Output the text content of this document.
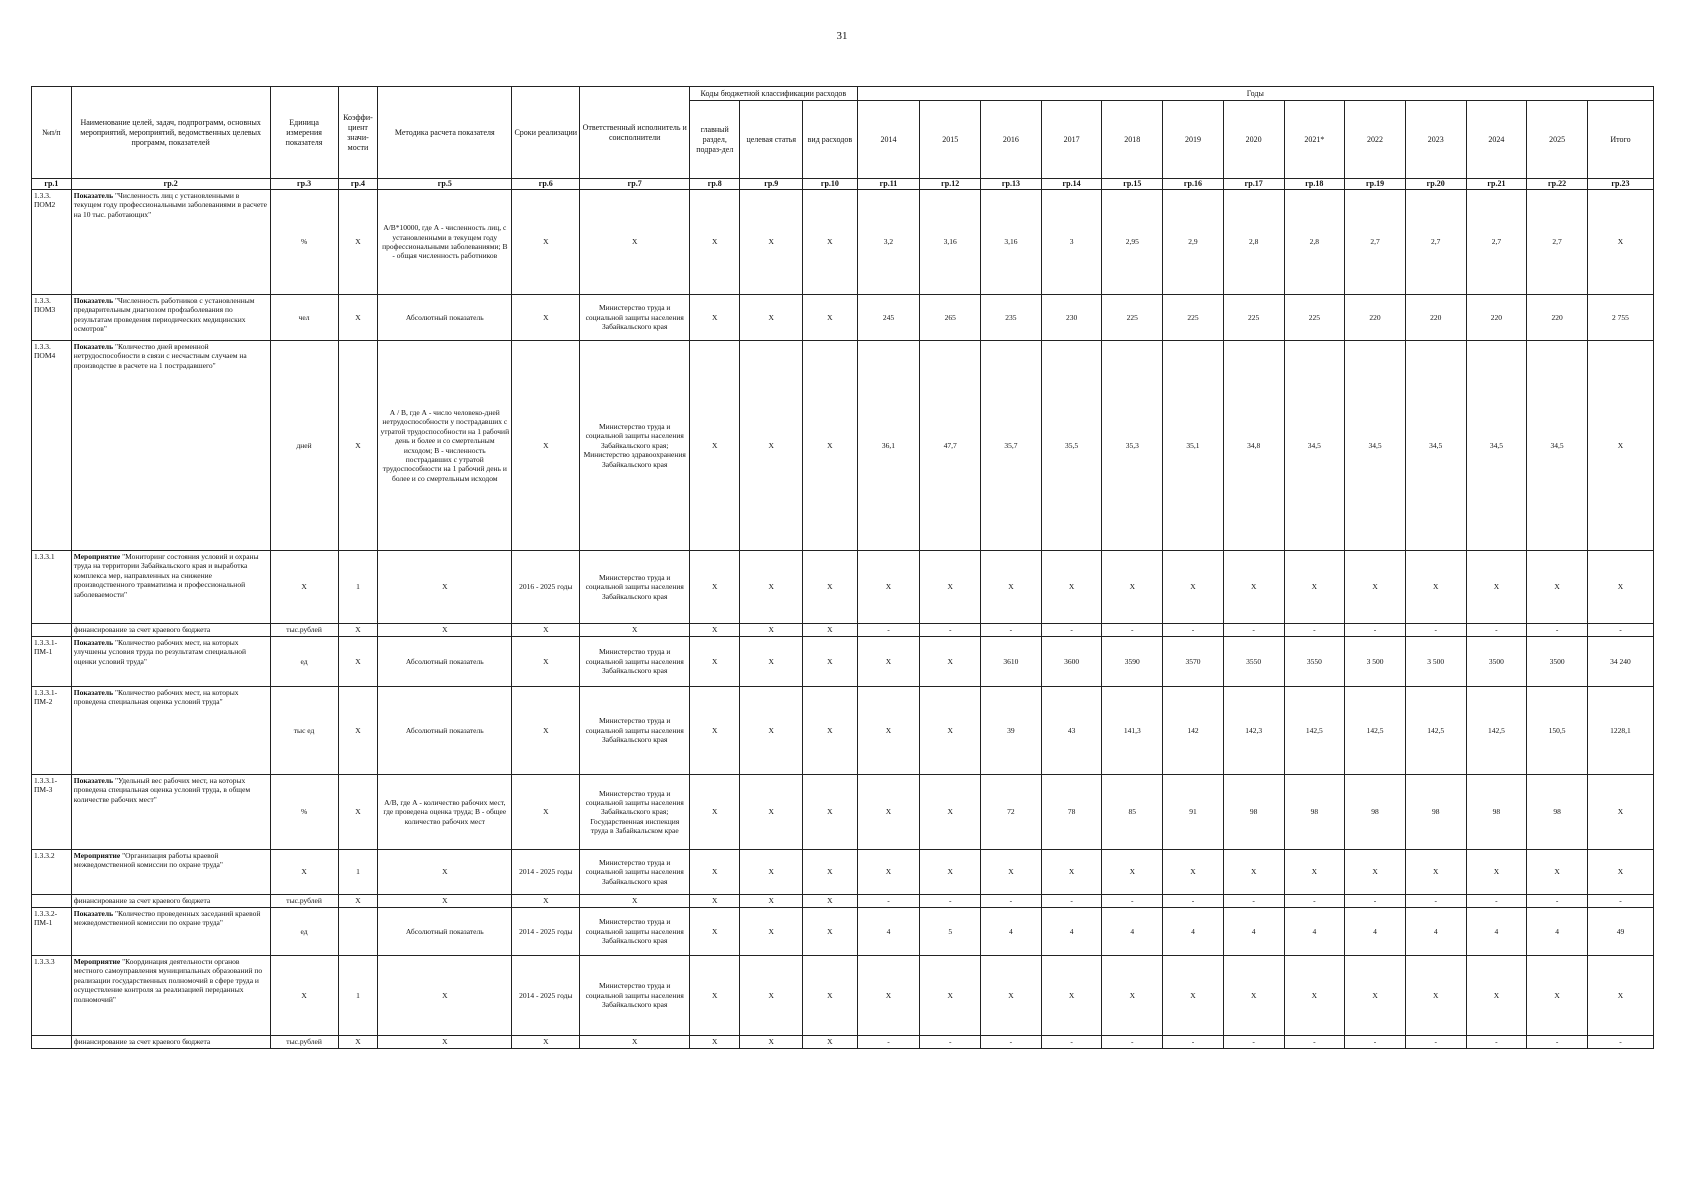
31
№п/п	Наименование целей, задач, подпрограмм, основных мероприятий, мероприятий, ведомственных целевых программ, показателей	Единица измерения показателя	Коэффи-циент значи-мости	Методика расчета показателя	Сроки реализации	Ответственный исполнитель и соисполнители	Коды бюджетной классификации расходов			Годы												
							главный раздел, подраз-дел	целевая статья	вид расходов	2014	2015	2016	2017	2018	2019	2020	2021*	2022	2023	2024	2025	Итого
гр.1	гр.2	гр.3	гр.4	гр.5	гр.6	гр.7	гр.8	гр.9	гр.10	гр.11	гр.12	гр.13	гр.14	гр.15	гр.16	гр.17	гр.18	гр.19	гр.20	гр.21	гр.22	гр.23
1.3.3. ПОМ2	Показатель "Численность лиц с установленными в текущем году профессиональными заболеваниями в расчете на 10 тыс. работающих"	%	X	А/В*10000, где А - численность лиц, с установленными в текущем году профессиональными заболеваниями; В - общая численность работников	X	X	X	X	X	3,2	3,16	3,16	3	2,95	2,9	2,8	2,8	2,7	2,7	2,7	2,7	X
1.3.3. ПОМ3	Показатель "Численность работников с установленным предварительным диагнозом профзаболевания по результатам проведения периодических медицинских осмотров"	чел	X	Абсолютный показатель	X	Министерство труда и социальной защиты населения Забайкальского края	X	X	X	245	265	235	230	225	225	225	225	220	220	220	220	2 755
1.3.3. ПОМ4	Показатель "Количество дней временной нетрудоспособности в связи с несчастным случаем на производстве в расчете на 1 пострадавшего"	дней	X	А / В, где А - число человеко-дней нетрудоспособности у пострадавших с утратой трудоспособности на 1 рабочий день и более и со смертельным исходом; В - численность пострадавших с утратой трудоспособности на 1 рабочий день и более и со смертельным исходом	X	Министерство труда и социальной защиты населения Забайкальского края; Министерство здравоохранения Забайкальского края	X	X	X	36,1	47,7	35,7	35,5	35,3	35,1	34,8	34,5	34,5	34,5	34,5	34,5	X
1.3.3.1	Мероприятие "Мониторинг состояния условий и охраны труда на территории Забайкальского края и выработка комплекса мер, направленных на снижение производственного травматизма и профессиональной заболеваемости"	X	1	X	2016 - 2025 годы	Министерство труда и социальной защиты населения Забайкальского края	X	X	X	X	X	X	X	X	X	X	X	X	X	X	X	X
	финансирование за счет краевого бюджета	тыс.рублей	X	X	X	X	X	X	X	-	-	-	-	-	-	-	-	-	-	-	-	-
1.3.3.1- ПМ-1	Показатель "Количество рабочих мест, на которых улучшены условия труда по результатам специальной оценки условий труда"	ед	X	Абсолютный показатель	X	Министерство труда и социальной защиты населения Забайкальского края	X	X	X	X	X	3610	3600	3590	3570	3550	3550	3 500	3 500	3500	3500	34 240
1.3.3.1- ПМ-2	Показатель "Количество рабочих мест, на которых проведена специальная оценка условий труда"	тыс ед	X	Абсолютный показатель	X	Министерство труда и социальной защиты населения Забайкальского края	X	X	X	X	X	39	43	141,3	142	142,3	142,5	142,5	142,5	142,5	150,5	1228,1
1.3.3.1- ПМ-3	Показатель "Удельный вес рабочих мест, на которых проведена специальная оценка условий труда, в общем количестве рабочих мест"	%	X	А/В, где А - количество рабочих мест, где проведена оценка труда; В - общее количество рабочих мест	X	Министерство труда и социальной защиты населения Забайкальского края; Государственная инспекция труда в Забайкальском крае	X	X	X	X	X	72	78	85	91	98	98	98	98	98	98	X
1.3.3.2	Мероприятие "Организация работы краевой межведомственной комиссии по охране труда"	X	1	X	2014 - 2025 годы	Министерство труда и социальной защиты населения Забайкальского края	X	X	X	X	X	X	X	X	X	X	X	X	X	X	X	X
	финансирование за счет краевого бюджета	тыс.рублей	X	X	X	X	X	X	X	-	-	-	-	-	-	-	-	-	-	-	-	-
1.3.3.2- ПМ-1	Показатель "Количество проведенных заседаний краевой межведомственной комиссии по охране труда"	ед		Абсолютный показатель	2014 - 2025 годы	Министерство труда и социальной защиты населения Забайкальского края	X	X	X	4	5	4	4	4	4	4	4	4	4	4	4	49
1.3.3.3	Мероприятие "Координация деятельности органов местного самоуправления муниципальных образований по реализации государственных полномочий в сфере труда и осуществление контроля за реализацией переданных полномочий"	X	1	X	2014 - 2025 годы	Министерство труда и социальной защиты населения Забайкальского края	X	X	X	X	X	X	X	X	X	X	X	X	X	X	X	X
	финансирование за счет краевого бюджета	тыс.рублей	X	X	X	X	X	X	X	-	-	-	-	-	-	-	-	-	-	-	-	-
